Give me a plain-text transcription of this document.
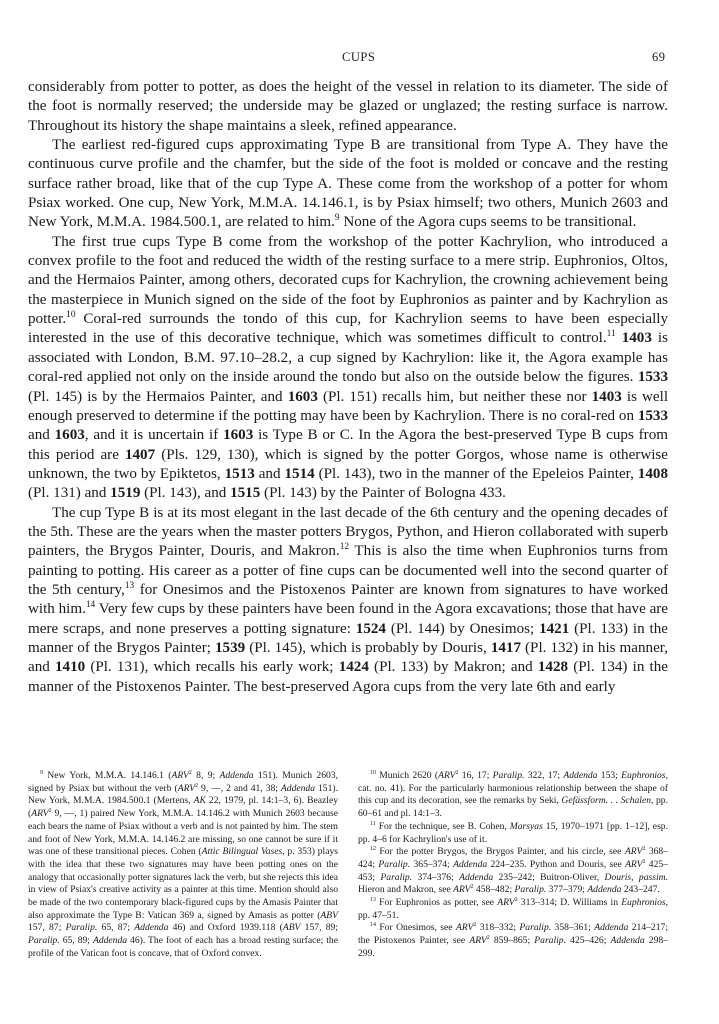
CUPS	69

considerably from potter to potter, as does the height of the vessel in relation to its diameter. The side of the foot is normally reserved; the underside may be glazed or unglazed; the resting surface is narrow. Throughout its history the shape maintains a sleek, refined appearance.

The earliest red-figured cups approximating Type B are transitional from Type A. They have the continuous curve profile and the chamfer, but the side of the foot is molded or concave and the resting surface rather broad, like that of the cup Type A. These come from the workshop of a potter for whom Psiax worked. One cup, New York, M.M.A. 14.146.1, is by Psiax himself; two others, Munich 2603 and New York, M.M.A. 1984.500.1, are related to him.$^9$ None of the Agora cups seems to be transitional.

The first true cups Type B come from the workshop of the potter Kachrylion, who introduced a convex profile to the foot and reduced the width of the resting surface to a mere strip. Euphronios, Oltos, and the Hermaios Painter, among others, decorated cups for Kachrylion, the crowning achievement being the masterpiece in Munich signed on the side of the foot by Euphronios as painter and by Kachrylion as potter.$^{10}$ Coral-red surrounds the tondo of this cup, for Kachrylion seems to have been especially interested in the use of this decorative technique, which was sometimes difficult to control.$^{11}$ 1403 is associated with London, B.M. 97.10–28.2, a cup signed by Kachrylion: like it, the Agora example has coral-red applied not only on the inside around the tondo but also on the outside below the figures. 1533 (Pl. 145) is by the Hermaios Painter, and 1603 (Pl. 151) recalls him, but neither these nor 1403 is well enough preserved to determine if the potting may have been by Kachrylion. There is no coral-red on 1533 and 1603, and it is uncertain if 1603 is Type B or C. In the Agora the best-preserved Type B cups from this period are 1407 (Pls. 129, 130), which is signed by the potter Gorgos, whose name is otherwise unknown, the two by Epiktetos, 1513 and 1514 (Pl. 143), two in the manner of the Epeleios Painter, 1408 (Pl. 131) and 1519 (Pl. 143), and 1515 (Pl. 143) by the Painter of Bologna 433.

The cup Type B is at its most elegant in the last decade of the 6th century and the opening decades of the 5th. These are the years when the master potters Brygos, Python, and Hieron collaborated with superb painters, the Brygos Painter, Douris, and Makron.$^{12}$ This is also the time when Euphronios turns from painting to potting. His career as a potter of fine cups can be documented well into the second quarter of the 5th century,$^{13}$ for Onesimos and the Pistoxenos Painter are known from signatures to have worked with him.$^{14}$ Very few cups by these painters have been found in the Agora excavations; those that have are mere scraps, and none preserves a potting signature: 1524 (Pl. 144) by Onesimos; 1421 (Pl. 133) in the manner of the Brygos Painter; 1539 (Pl. 145), which is probably by Douris, 1417 (Pl. 132) in his manner, and 1410 (Pl. 131), which recalls his early work; 1424 (Pl. 133) by Makron; and 1428 (Pl. 134) in the manner of the Pistoxenos Painter. The best-preserved Agora cups from the very late 6th and early

$^9$ New York, M.M.A. 14.146.1 (ARV$^2$ 8, 9; Addenda 151). Munich 2603, signed by Psiax but without the verb (ARV$^2$ 9, —, 2 and 41, 38; Addenda 151). New York, M.M.A. 1984.500.1 (Mertens, AK 22, 1979, pl. 14:1–3, 6). Beazley (ARV$^2$ 9, —, 1) paired New York, M.M.A. 14.146.2 with Munich 2603 because each bears the name of Psiax without a verb and is not painted by him. The stem and foot of New York, M.M.A. 14.146.2 are missing, so one cannot be sure if it was one of these transitional pieces. Cohen (Attic Bilingual Vases, p. 353) plays with the idea that these two signatures may have been potting ones on the analogy that occasionally potter signatures lack the verb, but she rejects this idea in view of Psiax's creative activity as a painter at this time. Mention should also be made of the two contemporary black-figured cups by the Amasis Painter that also approximate the Type B: Vatican 369 a, signed by Amasis as potter (ABV 157, 87; Paralip. 65, 87; Addenda 46) and Oxford 1939.118 (ABV 157, 89; Paralip. 65, 89; Addenda 46). The foot of each has a broad resting surface; the profile of the Vatican foot is concave, that of Oxford convex.

$^{10}$ Munich 2620 (ARV$^2$ 16, 17; Paralip. 322, 17; Addenda 153; Euphronios, cat. no. 41). For the particularly harmonious relationship between the shape of this cup and its decoration, see the remarks by Seki, Gefässform. . . Schalen, pp. 60–61 and pl. 14:1–3.

$^{11}$ For the technique, see B. Cohen, Marsyas 15, 1970–1971 [pp. 1–12], esp. pp. 4–6 for Kachrylion's use of it.

$^{12}$ For the potter Brygos, the Brygos Painter, and his circle, see ARV$^2$ 368–424; Paralip. 365–374; Addenda 224–235. Python and Douris, see ARV$^2$ 425–453; Paralip. 374–376; Addenda 235–242; Buitron-Oliver, Douris, passim. Hieron and Makron, see ARV$^2$ 458–482; Paralip. 377–379; Addenda 243–247.

$^{13}$ For Euphronios as potter, see ARV$^2$ 313–314; D. Williams in Euphronios, pp. 47–51.

$^{14}$ For Onesimos, see ARV$^2$ 318–332; Paralip. 358–361; Addenda 214–217; the Pistoxenos Painter, see ARV$^2$ 859–865; Paralip. 425–426; Addenda 298–299.
